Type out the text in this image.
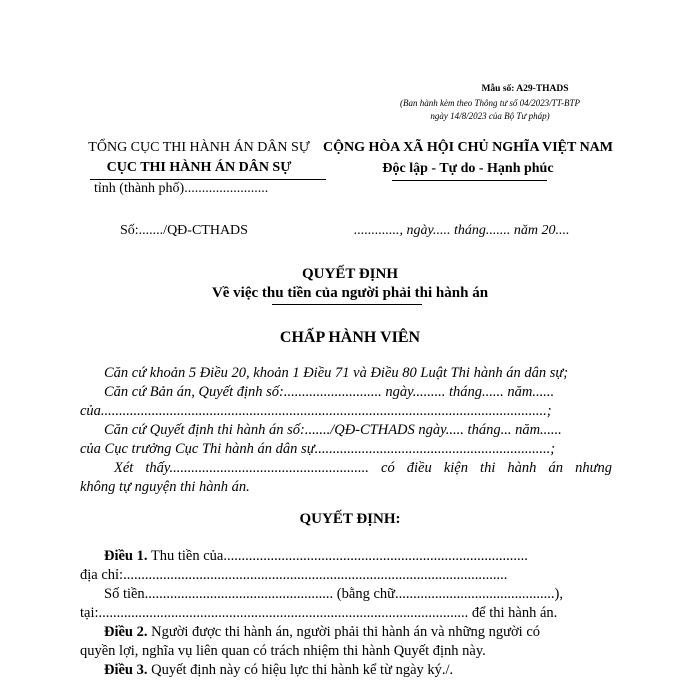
Mẫu số: A29-THADS
(Ban hành kèm theo Thông tư số 04/2023/TT-BTP
ngày 14/8/2023 của Bộ Tư pháp)
TỔNG CỤC THI HÀNH ÁN DÂN SỰ
CỤC THI HÀNH ÁN DÂN SỰ
tỉnh (thành phố)........................
CỘNG HÒA XÃ HỘI CHỦ NGHĨA VIỆT NAM
Độc lập - Tự do - Hạnh phúc
Số:......./QĐ-CTHADS	............., ngày..... tháng....... năm 20....
QUYẾT ĐỊNH
Về việc thu tiền của người phải thi hành án
CHẤP HÀNH VIÊN
Căn cứ khoản 5 Điều 20, khoản 1 Điều 71 và Điều 80 Luật Thi hành án dân sự;
Căn cứ Bản án, Quyết định số:........................... ngày......... tháng...... năm......
của...........................................................................................................................;
Căn cứ Quyết định thi hành án số:......./QĐ-CTHADS ngày..... tháng... năm......
của Cục trưởng Cục Thi hành án dân sự.................................................................;
Xét thấy....................................................... có điều kiện thi hành án nhưng
không tự nguyện thi hành án.
QUYẾT ĐỊNH:
Điều 1. Thu tiền của....................................................................................
địa chỉ:..........................................................................................................
Số tiền.................................................... (bằng chữ............................................),
tại:...................................................................................................... để thi hành án.
Điều 2. Người được thi hành án, người phải thi hành án và những người có
quyền lợi, nghĩa vụ liên quan có trách nhiệm thi hành Quyết định này.
Điều 3. Quyết định này có hiệu lực thi hành kể từ ngày ký./.
